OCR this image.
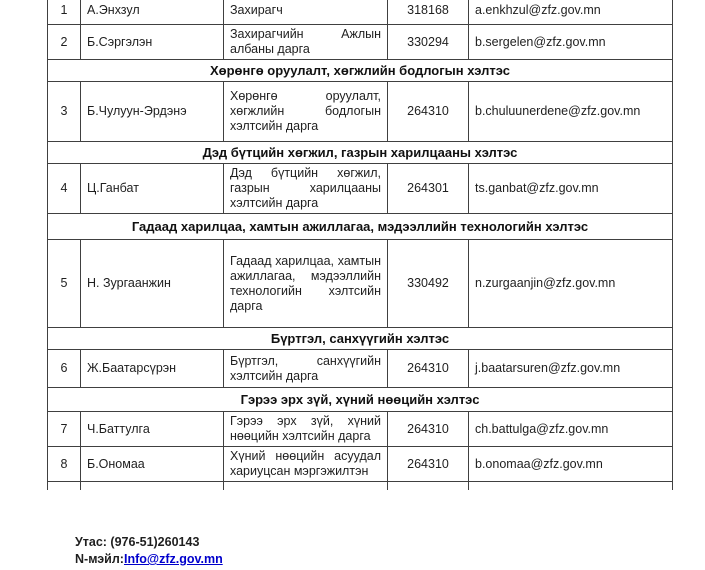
1	А.Энхзул	Захирагч	318168	a.enkhzul@zfz.gov.mn
2	Б.Сэргэлэн	Захирагчийн Ажлын албаны дарга	330294	b.sergelen@zfz.gov.mn
Хөрөнгө оруулалт, хөгжлийн бодлогын хэлтэс				
3	Б.Чулуун-Эрдэнэ	Хөрөнгө оруулалт, хөгжлийн бодлогын хэлтсийн дарга	264310	b.chuluunerdene@zfz.gov.mn
Дэд бүтцийн хөгжил, газрын харилцааны хэлтэс				
4	Ц.Ганбат	Дэд бүтцийн хөгжил, газрын харилцааны хэлтсийн дарга	264301	ts.ganbat@zfz.gov.mn
Гадаад харилцаа, хамтын ажиллагаа, мэдээллийн технологийн хэлтэс				
5	Н. Зургаанжин	Гадаад харилцаа, хамтын ажиллагаа, мэдээллийн технологийн хэлтсийн дарга	330492	n.zurgaanjin@zfz.gov.mn
Бүртгэл, санхүүгийн хэлтэс				
6	Ж.Баатарсүрэн	Бүртгэл, санхүүгийн хэлтсийн дарга	264310	j.baatarsuren@zfz.gov.mn
Гэрээ эрх зүй, хүний нөөцийн хэлтэс				
7	Ч.Баттулга	Гэрээ эрх зүй, хүний нөөцийн хэлтсийн дарга	264310	ch.battulga@zfz.gov.mn
8	Б.Ономаа	Хүний нөөцийн асуудал хариуцсан мэргэжилтэн	264310	b.onomaa@zfz.gov.mn

Утас: (976-51)260143
N-мэйл:Info@zfz.gov.mn
